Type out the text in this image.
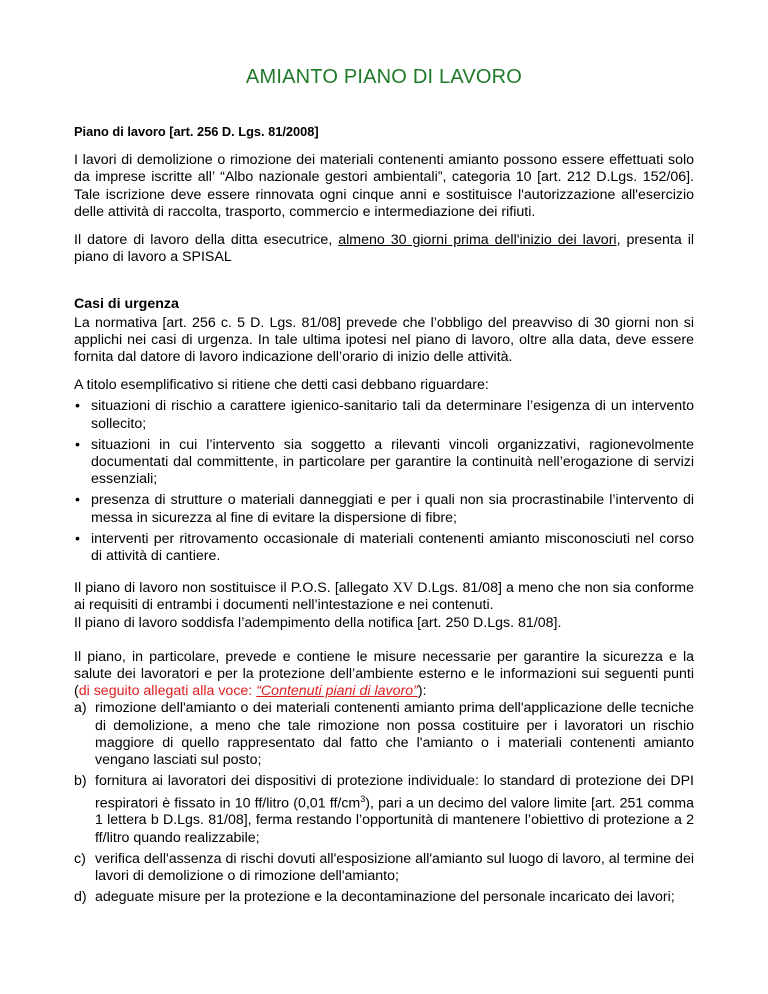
AMIANTO PIANO DI LAVORO
Piano di lavoro [art. 256 D. Lgs. 81/2008]

I lavori di demolizione o rimozione dei materiali contenenti amianto possono essere effettuati solo da imprese iscritte all’ “Albo nazionale gestori ambientali”, categoria 10 [art. 212 D.Lgs. 152/06]. Tale iscrizione deve essere rinnovata ogni cinque anni e sostituisce l'autorizzazione all'esercizio delle attività di raccolta, trasporto, commercio e intermediazione dei rifiuti.

Il datore di lavoro della ditta esecutrice, almeno 30 giorni prima dell'inizio dei lavori, presenta il piano di lavoro a SPISAL

Casi di urgenza

La normativa [art. 256 c. 5 D. Lgs. 81/08] prevede che l’obbligo del preavviso di 30 giorni non si applichi nei casi di urgenza. In tale ultima ipotesi nel piano di lavoro, oltre alla data, deve essere fornita dal datore di lavoro indicazione dell’orario di inizio delle attività.

A titolo esemplificativo si ritiene che detti casi debbano riguardare:

• situazioni di rischio a carattere igienico-sanitario tali da determinare l’esigenza di un intervento sollecito;
• situazioni in cui l’intervento sia soggetto a rilevanti vincoli organizzativi, ragionevolmente documentati dal committente, in particolare per garantire la continuità nell’erogazione di servizi essenziali;
• presenza di strutture o materiali danneggiati e per i quali non sia procrastinabile l’intervento di messa in sicurezza al fine di evitare la dispersione di fibre;
• interventi per ritrovamento occasionale di materiali contenenti amianto misconosciuti nel corso di attività di cantiere.

Il piano di lavoro non sostituisce il P.O.S. [allegato XV D.Lgs. 81/08] a meno che non sia conforme ai requisiti di entrambi i documenti nell’intestazione e nei contenuti.

Il piano di lavoro soddisfa l’adempimento della notifica [art. 250 D.Lgs. 81/08].

Il piano, in particolare, prevede e contiene le misure necessarie per garantire la sicurezza e la salute dei lavoratori e per la protezione dell’ambiente esterno e le informazioni sui seguenti punti (di seguito allegati alla voce: “Contenuti piani di lavoro”):

a) rimozione dell'amianto o dei materiali contenenti amianto prima dell'applicazione delle tecniche di demolizione, a meno che tale rimozione non possa costituire per i lavoratori un rischio maggiore di quello rappresentato dal fatto che l'amianto o i materiali contenenti amianto vengano lasciati sul posto;
b) fornitura ai lavoratori dei dispositivi di protezione individuale: lo standard di protezione dei DPI respiratori è fissato in 10 ff/litro (0,01 $ff/cm^3$), pari a un decimo del valore limite [art. 251 comma 1 lettera b D.Lgs. 81/08], ferma restando l’opportunità di mantenere l’obiettivo di protezione a 2 ff/litro quando realizzabile;
c) verifica dell'assenza di rischi dovuti all'esposizione all'amianto sul luogo di lavoro, al termine dei lavori di demolizione o di rimozione dell'amianto;
d) adeguate misure per la protezione e la decontaminazione del personale incaricato dei lavori;
